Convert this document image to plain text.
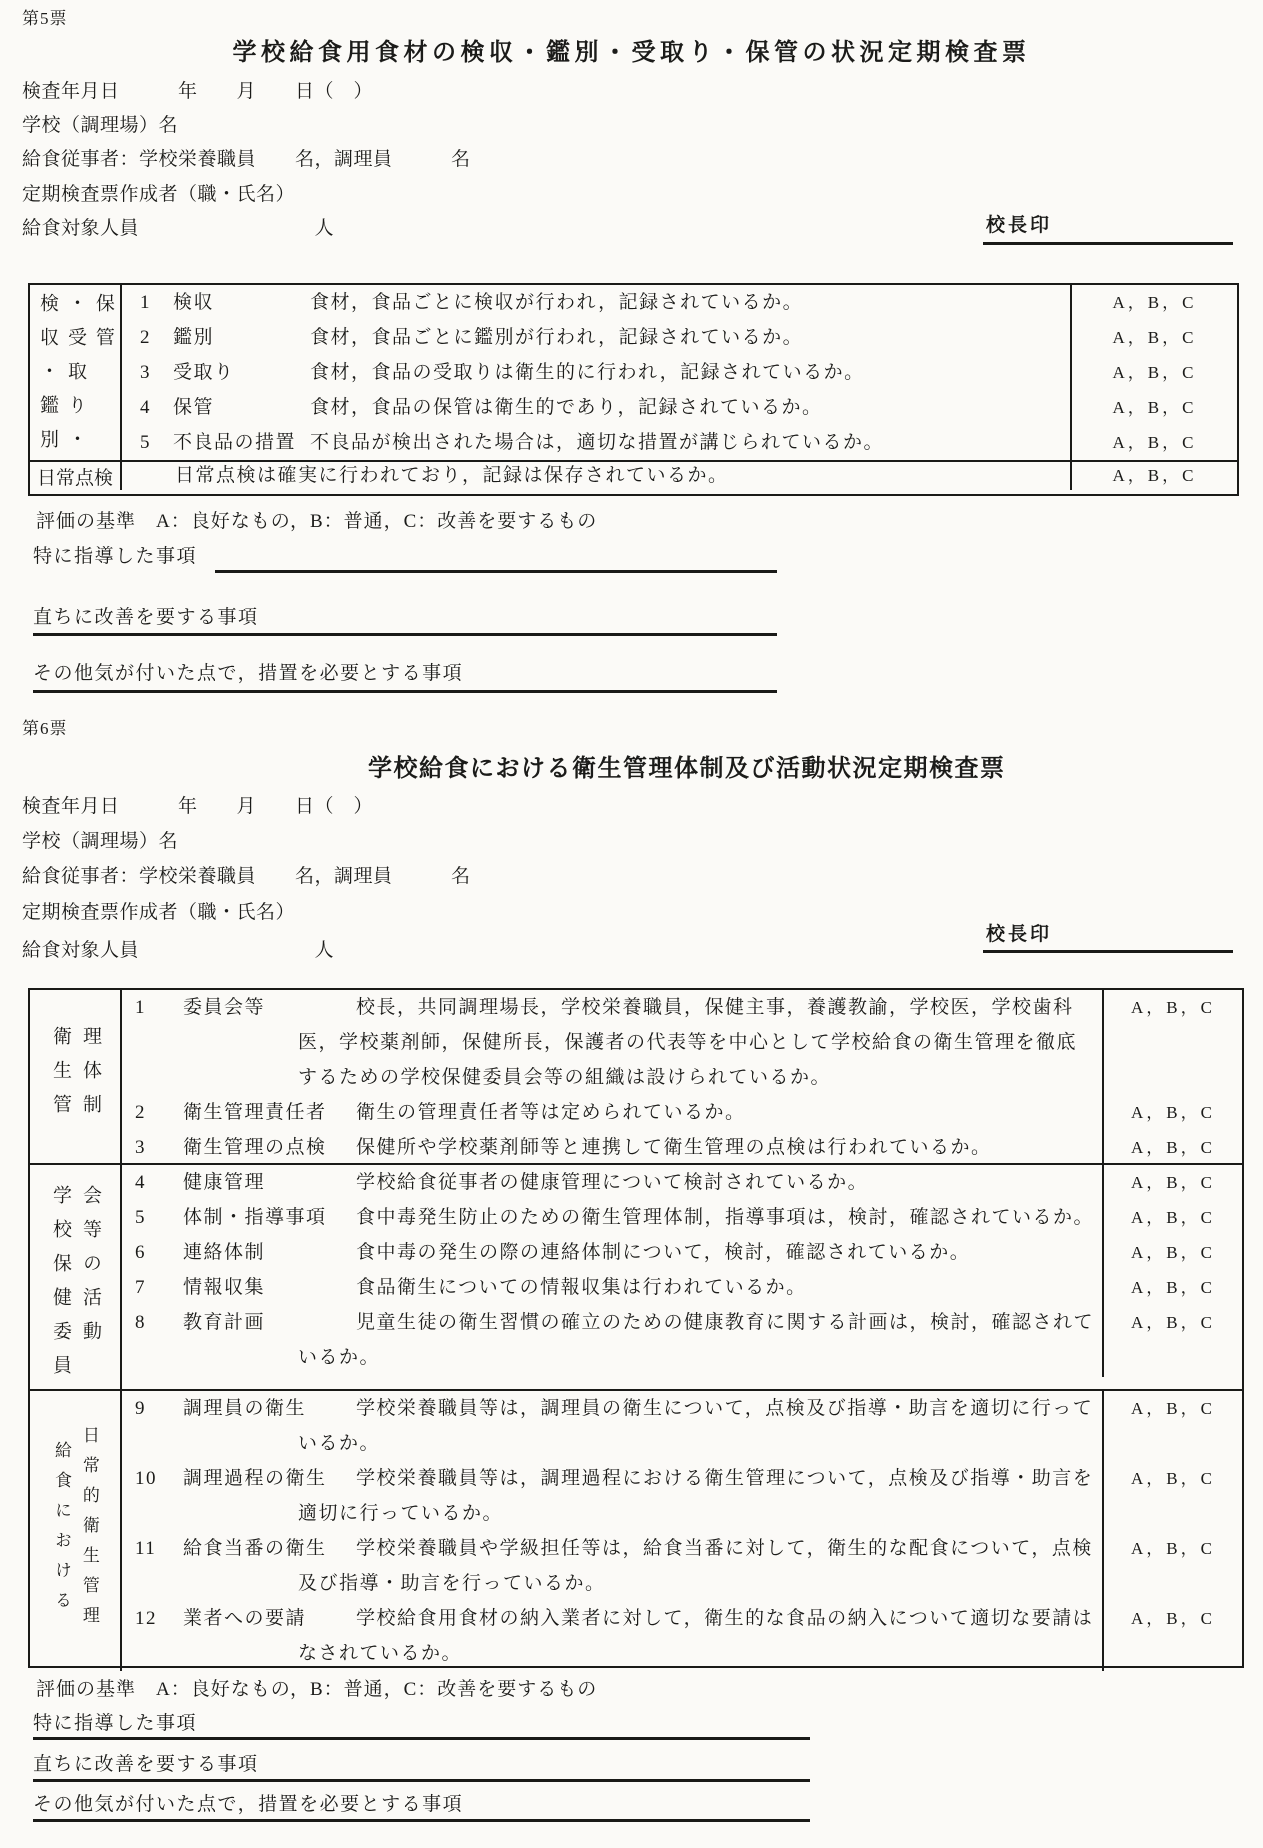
第5票
学校給食用食材の検収・鑑別・受取り・保管の状況定期検査票
検査年月日　　　年　　月　　日（　）
学校（調理場）名
給食従事者：学校栄養職員　　名，調理員　　　名
定期検査票作成者（職・氏名）
給食対象人員　　　　　　　　　人	校長印
検収・鑑別 ・受取り・ 保管 1 検収	食材，食品ごとに検収が行われ，記録されているか。	A，B，C
2 鑑別	食材，食品ごとに鑑別が行われ，記録されているか。	A，B，C
3 受取り	食材，食品の受取りは衛生的に行われ，記録されているか。	A，B，C
4 保管	食材，食品の保管は衛生的であり，記録されているか。	A，B，C
5 不良品の措置 不良品が検出された場合は，適切な措置が講じられているか。	A，B，C
日常点検	日常点検は確実に行われており，記録は保存されているか。	A，B，C
評価の基準　A：良好なもの，B：普通，C：改善を要するもの
特に指導した事項
直ちに改善を要する事項
その他気が付いた点で，措置を必要とする事項
第6票
学校給食における衛生管理体制及び活動状況定期検査票
検査年月日　　　年　　月　　日（　）
学校（調理場）名
給食従事者：学校栄養職員　　名，調理員　　　名
定期検査票作成者（職・氏名）
給食対象人員　　　　　　　　　人
校長印
衛生管 理体制
1	委員会等	校長，共同調理場長，学校栄養職員，保健主事，養護教諭，学校医，学校歯科医，学校薬剤師，保健所長，保護者の代表等を中心として学校給食の衛生管理を徹底するための学校保健委員会等の組織は設けられているか。
A，B，C
2	衛生管理責任者	衛生の管理責任者等は定められているか。	A，B，C
3	衛生管理の点検	保健所や学校薬剤師等と連携して衛生管理の点検は行われているか。	A，B，C
学校保健委員 会等の活動
4	健康管理	学校給食従事者の健康管理について検討されているか。	A，B，C
5	体制・指導事項	食中毒発生防止のための衛生管理体制，指導事項は，検討，確認されているか。	A，B，C
6	連絡体制	食中毒の発生の際の連絡体制について，検討，確認されているか。	A，B，C
7	情報収集	食品衛生についての情報収集は行われているか。	A，B，C
8	教育計画	児童生徒の衛生習慣の確立のための健康教育に関する計画は，検討，確認されているか。
A，B，C
給食における 日常的衛生管理
9	調理員の衛生	学校栄養職員等は，調理員の衛生について，点検及び指導・助言を適切に行っているか。
A，B，C
10	調理過程の衛生	学校栄養職員等は，調理過程における衛生管理について，点検及び指導・助言を適切に行っているか。
A，B，C
11	給食当番の衛生	学校栄養職員や学級担任等は，給食当番に対して，衛生的な配食について，点検及び指導・助言を行っているか。
A，B，C
12	業者への要請	学校給食用食材の納入業者に対して，衛生的な食品の納入について適切な要請はなされているか。
A，B，C
評価の基準　A：良好なもの，B：普通，C：改善を要するもの
特に指導した事項
直ちに改善を要する事項
その他気が付いた点で，措置を必要とする事項
